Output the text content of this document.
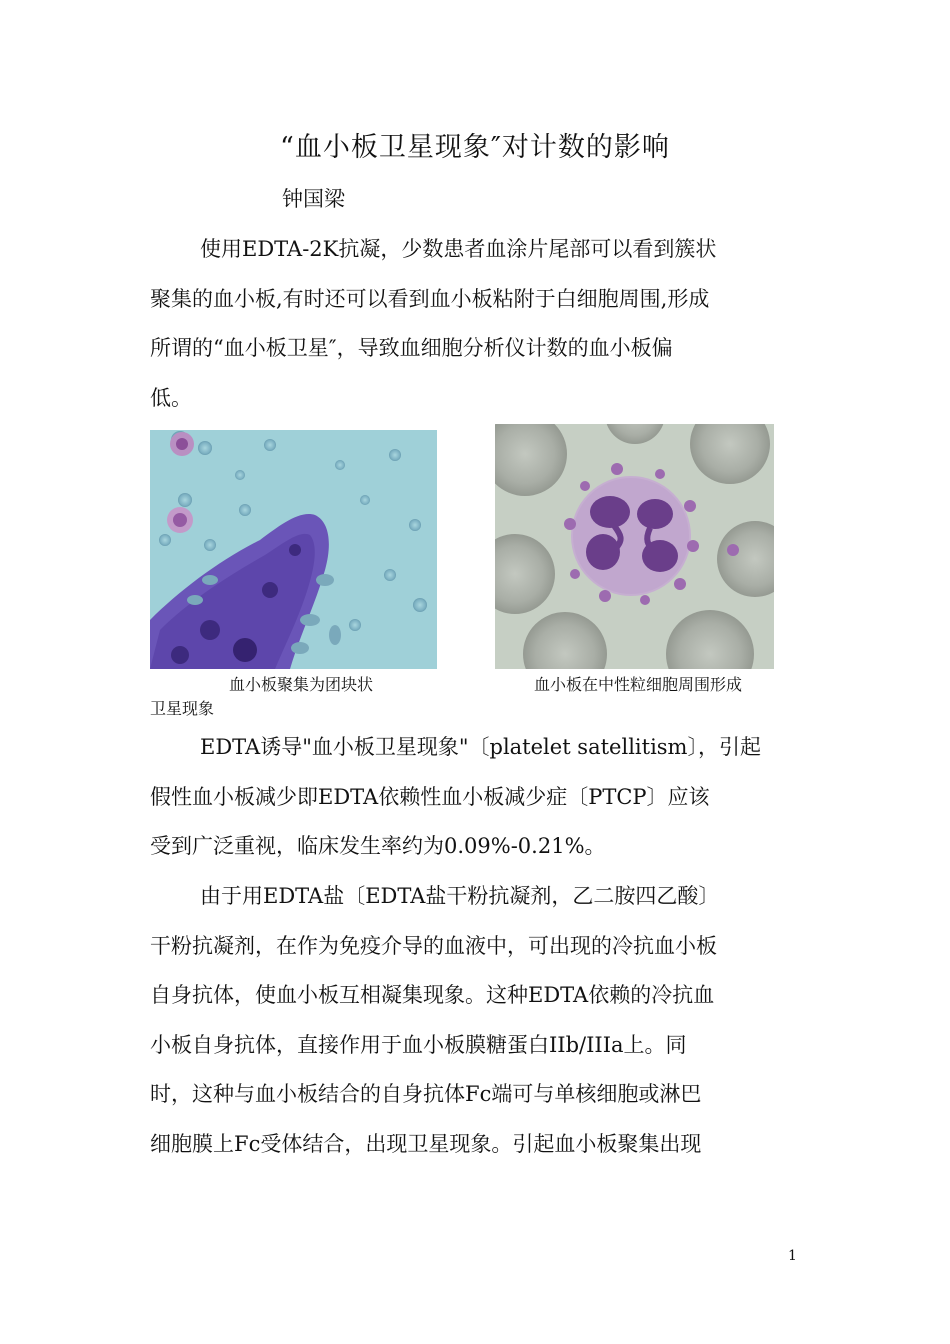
“血小板卫星现象″对计数的影响
钟国梁

使用EDTA-2K抗凝，少数患者血涂片尾部可以看到簇状
聚集的血小板,有时还可以看到血小板粘附于白细胞周围,形成
所谓的“血小板卫星″，导致血细胞分析仪计数的血小板偏
低。

血小板聚集为团块状	血小板在中性粒细胞周围形成
卫星现象

EDTA诱导"血小板卫星现象"〔platelet satellitism〕，引起
假性血小板减少即EDTA依赖性血小板减少症〔PTCP〕应该
受到广泛重视，临床发生率约为0.09%-0.21%。

由于用EDTA盐〔EDTA盐干粉抗凝剂，乙二胺四乙酸〕
干粉抗凝剂，在作为免疫介导的血液中，可出现的冷抗血小板
自身抗体，使血小板互相凝集现象。这种EDTA依赖的冷抗血
小板自身抗体，直接作用于血小板膜糖蛋白IIb/IIIa上。同
时，这种与血小板结合的自身抗体Fc端可与单核细胞或淋巴
细胞膜上Fc受体结合，出现卫星现象。引起血小板聚集出现

1
